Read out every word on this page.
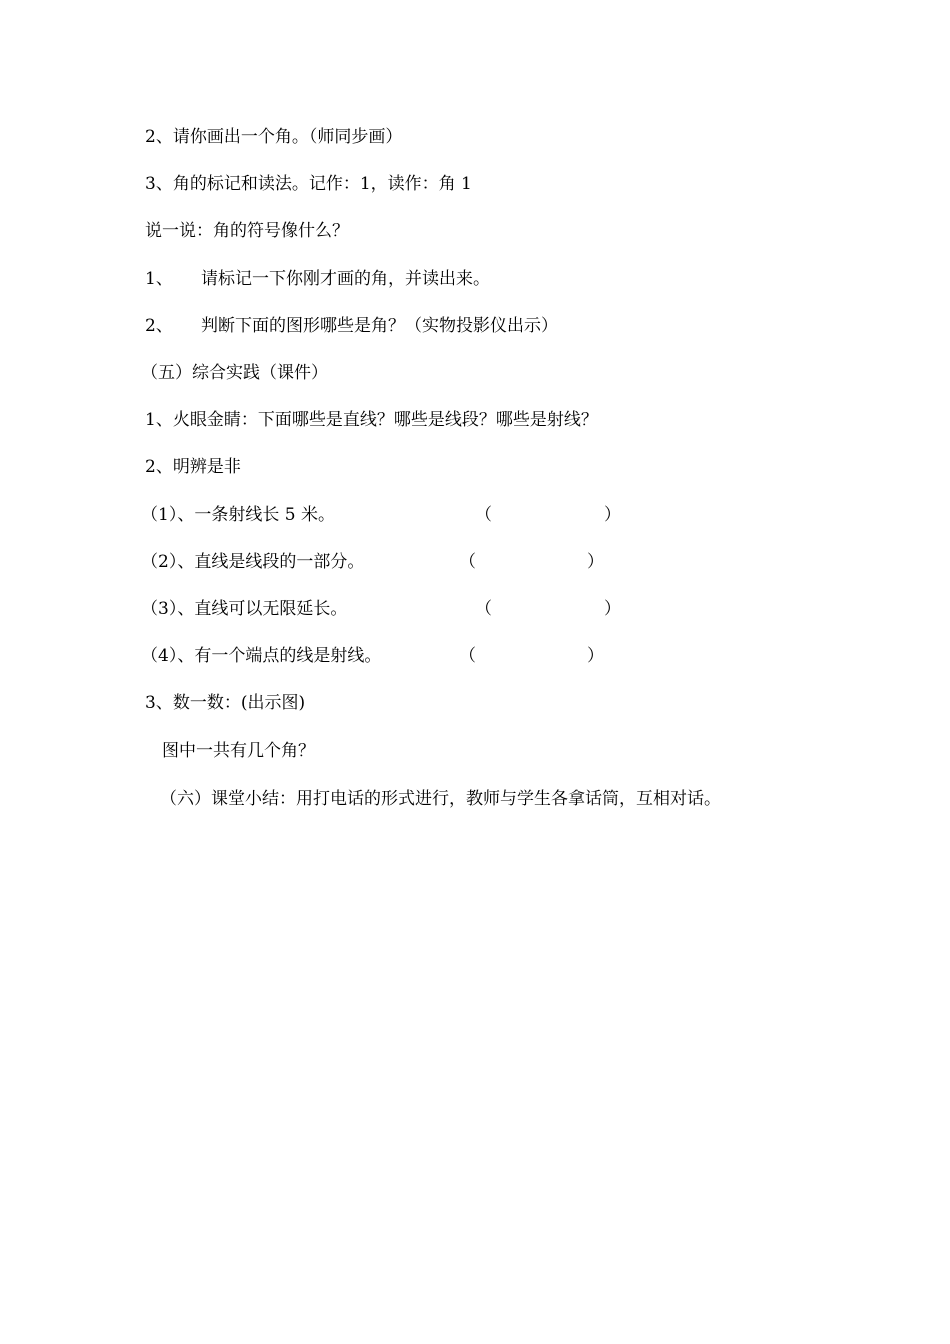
2、请你画出一个角。（师同步画）
3、角的标记和读法。记作：1，读作：角 1
说一说：角的符号像什么？
1、 请标记一下你刚才画的角，并读出来。
2、 判断下面的图形哪些是角？（实物投影仪出示）
（五）综合实践（课件）
1、火眼金睛：下面哪些是直线？哪些是线段？哪些是射线？
2、明辨是非
（1）、一条射线长 5 米。	（	）
（2）、直线是线段的一部分。	（	）
（3）、直线可以无限延长。	（	）
（4）、有一个端点的线是射线。	（	）
3、数一数：(出示图)
图中一共有几个角？
（六）课堂小结：用打电话的形式进行，教师与学生各拿话筒，互相对话。
